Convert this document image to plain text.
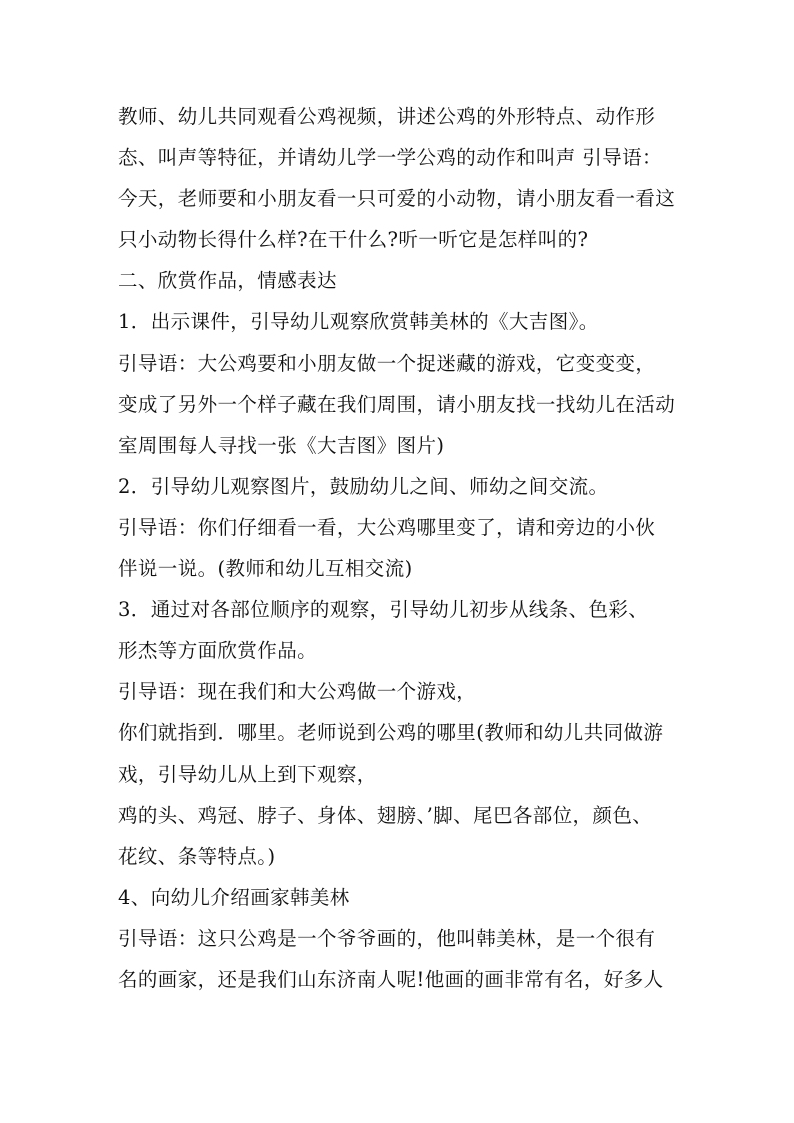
教师、幼儿共同观看公鸡视频，讲述公鸡的外形特点、动作形
态、叫声等特征，并请幼儿学一学公鸡的动作和叫声 引导语：
今天，老师要和小朋友看一只可爱的小动物，请小朋友看一看这
只小动物长得什么样?在干什么?听一听它是怎样叫的?
二、欣赏作品，情感表达
1．出示课件，引导幼儿观察欣赏韩美林的《大吉图》。
引导语：大公鸡要和小朋友做一个捉迷藏的游戏，它变变变，
变成了另外一个样子藏在我们周围，请小朋友找一找幼儿在活动
室周围每人寻找一张《大吉图》图片)
2．引导幼儿观察图片，鼓励幼儿之间、师幼之间交流。
引导语：你们仔细看一看，大公鸡哪里变了，请和旁边的小伙
伴说一说。(教师和幼儿互相交流)
3．通过对各部位顺序的观察，引导幼儿初步从线条、色彩、
形杰等方面欣赏作品。
引导语：现在我们和大公鸡做一个游戏，
你们就指到．哪里。老师说到公鸡的哪里(教师和幼儿共同做游
戏，引导幼儿从上到下观察，
鸡的头、鸡冠、脖子、身体、翅膀、’脚、尾巴各部位，颜色、
花纹、条等特点。)
4、向幼儿介绍画家韩美林
引导语：这只公鸡是一个爷爷画的，他叫韩美林，是一个很有
名的画家，还是我们山东济南人呢!他画的画非常有名，好多人
